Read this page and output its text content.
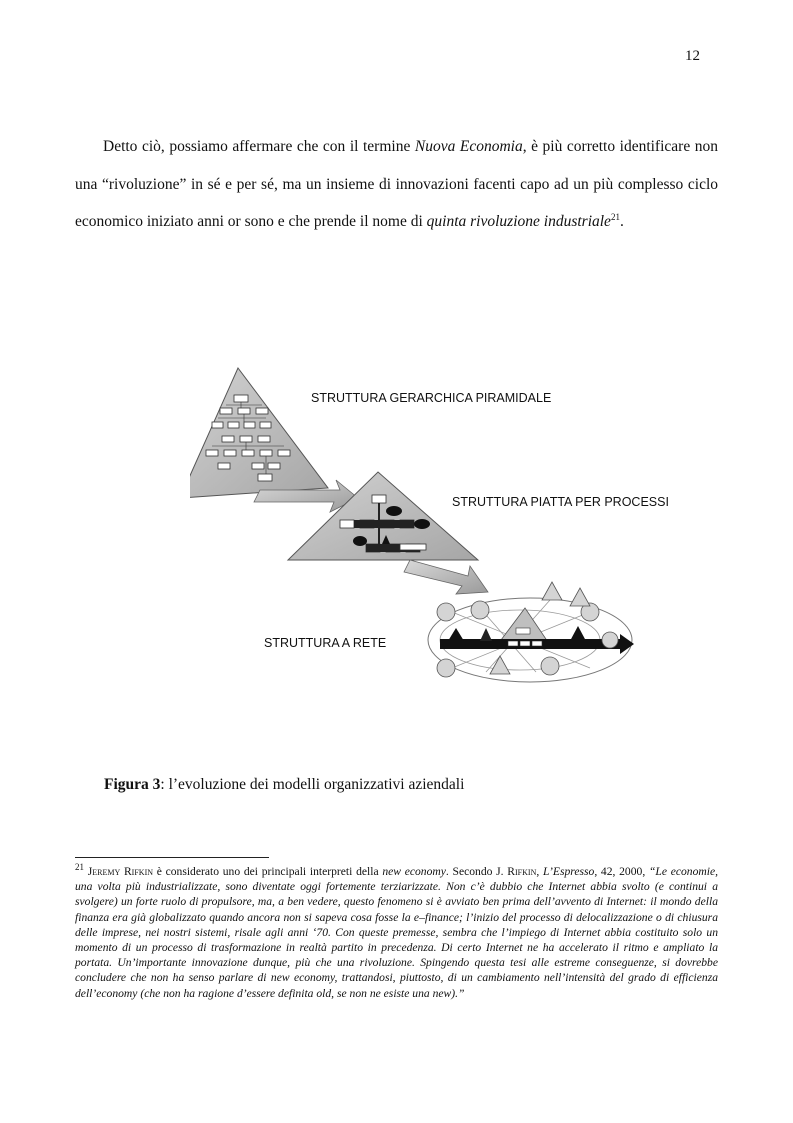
12

Detto ciò, possiamo affermare che con il termine Nuova Economia, è più corretto identificare non una “rivoluzione” in sé e per sé, ma un insieme di innovazioni facenti capo ad un più complesso ciclo economico iniziato anni or sono e che prende il nome di quinta rivoluzione industriale$^{21}$.

STRUTTURA GERARCHICA PIRAMIDALE
STRUTTURA PIATTA PER PROCESSI
STRUTTURA A RETE
Figura 3: l’evoluzione dei modelli organizzativi aziendali
$^{21}$ Jeremy Rifkin è considerato uno dei principali interpreti della new economy. Secondo J. Rifkin, L’Espresso, 42, 2000, “Le economie, una volta più industrializzate, sono diventate oggi fortemente terziarizzate. Non c’è dubbio che Internet abbia svolto (e continui a svolgere) un forte ruolo di propulsore, ma, a ben vedere, questo fenomeno si è avviato ben prima dell’avvento di Internet: il mondo della finanza era già globalizzato quando ancora non si sapeva cosa fosse la e–finance; l’inizio del processo di delocalizzazione o di chiusura delle imprese, nei nostri sistemi, risale agli anni ‘70. Con queste premesse, sembra che l’impiego di Internet abbia costituito solo un momento di un processo di trasformazione in realtà partito in precedenza. Di certo Internet ne ha accelerato il ritmo e ampliato la portata. Un’importante innovazione dunque, più che una rivoluzione. Spingendo questa tesi alle estreme conseguenze, si dovrebbe concludere che non ha senso parlare di new economy, trattandosi, piuttosto, di un cambiamento nell’intensità del grado di efficienza dell’economy (che non ha ragione d’essere definita old, se non ne esiste una new).”
